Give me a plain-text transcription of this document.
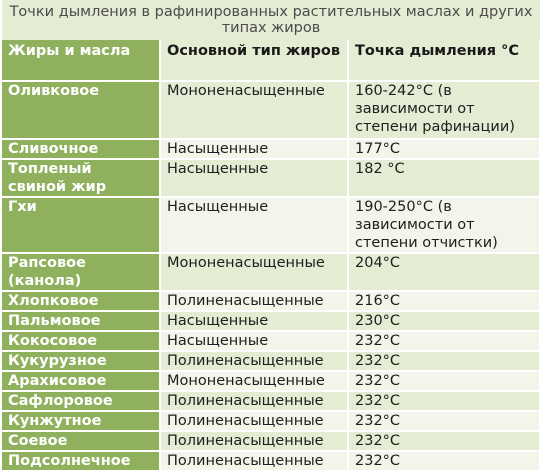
Точки дымления в рафинированных растительных маслах и других типах жиров
Жиры и масла	Основной тип жиров	Точка дымления °C
Оливковое	Мононенасыщенные	160-242°C (в зависимости от степени рафинации)
Сливочное	Насыщенные	177°C
Топленый свиной жир	Насыщенные	182 °C
Гхи	Насыщенные	190-250°C (в зависимости от степени отчистки)
Рапсовое (канола)	Мононенасыщенные	204°C
Хлопковое	Полиненасыщенные	216°C
Пальмовое	Насыщенные	230°C
Кокосовое	Насыщенные	232°C
Кукурузное	Полиненасыщенные	232°C
Арахисовое	Мононенасыщенные	232°C
Сафлоровое	Полиненасыщенные	232°C
Кунжутное	Полиненасыщенные	232°C
Соевое	Полиненасыщенные	232°C
Подсолнечное	Полиненасыщенные	232°C
